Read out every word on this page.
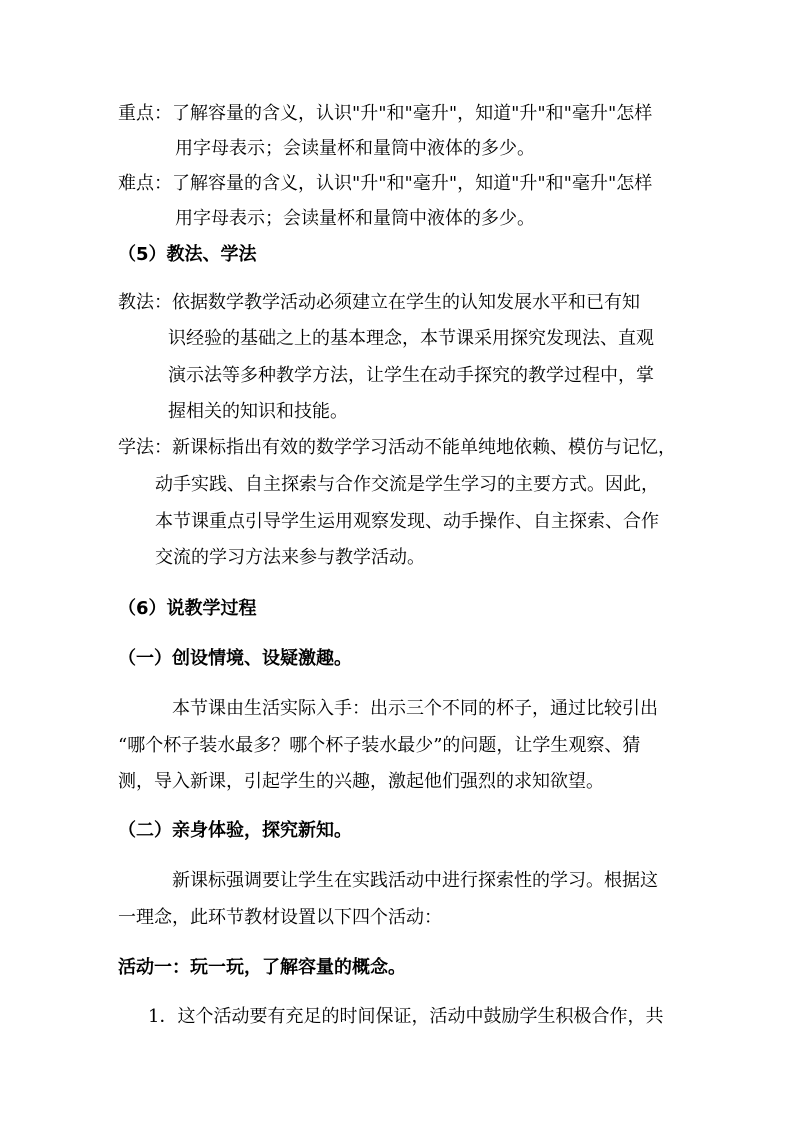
重点：了解容量的含义，认识"升"和"毫升"，知道"升"和"毫升"怎样
用字母表示；会读量杯和量筒中液体的多少。
难点：了解容量的含义，认识"升"和"毫升"，知道"升"和"毫升"怎样
用字母表示；会读量杯和量筒中液体的多少。
（5）教法、学法
教法：依据数学教学活动必须建立在学生的认知发展水平和已有知
识经验的基础之上的基本理念，本节课采用探究发现法、直观
演示法等多种教学方法，让学生在动手探究的教学过程中，掌
握相关的知识和技能。
学法：新课标指出有效的数学学习活动不能单纯地依赖、模仿与记忆，
动手实践、自主探索与合作交流是学生学习的主要方式。因此，
本节课重点引导学生运用观察发现、动手操作、自主探索、合作
交流的学习方法来参与教学活动。
（6）说教学过程
（一）创设情境、设疑激趣。
本节课由生活实际入手：出示三个不同的杯子，通过比较引出
“哪个杯子装水最多？哪个杯子装水最少”的问题，让学生观察、猜
测，导入新课，引起学生的兴趣，激起他们强烈的求知欲望。
（二）亲身体验，探究新知。
新课标强调要让学生在实践活动中进行探索性的学习。根据这
一理念，此环节教材设置以下四个活动：
活动一：玩一玩，了解容量的概念。
1．这个活动要有充足的时间保证，活动中鼓励学生积极合作，共
